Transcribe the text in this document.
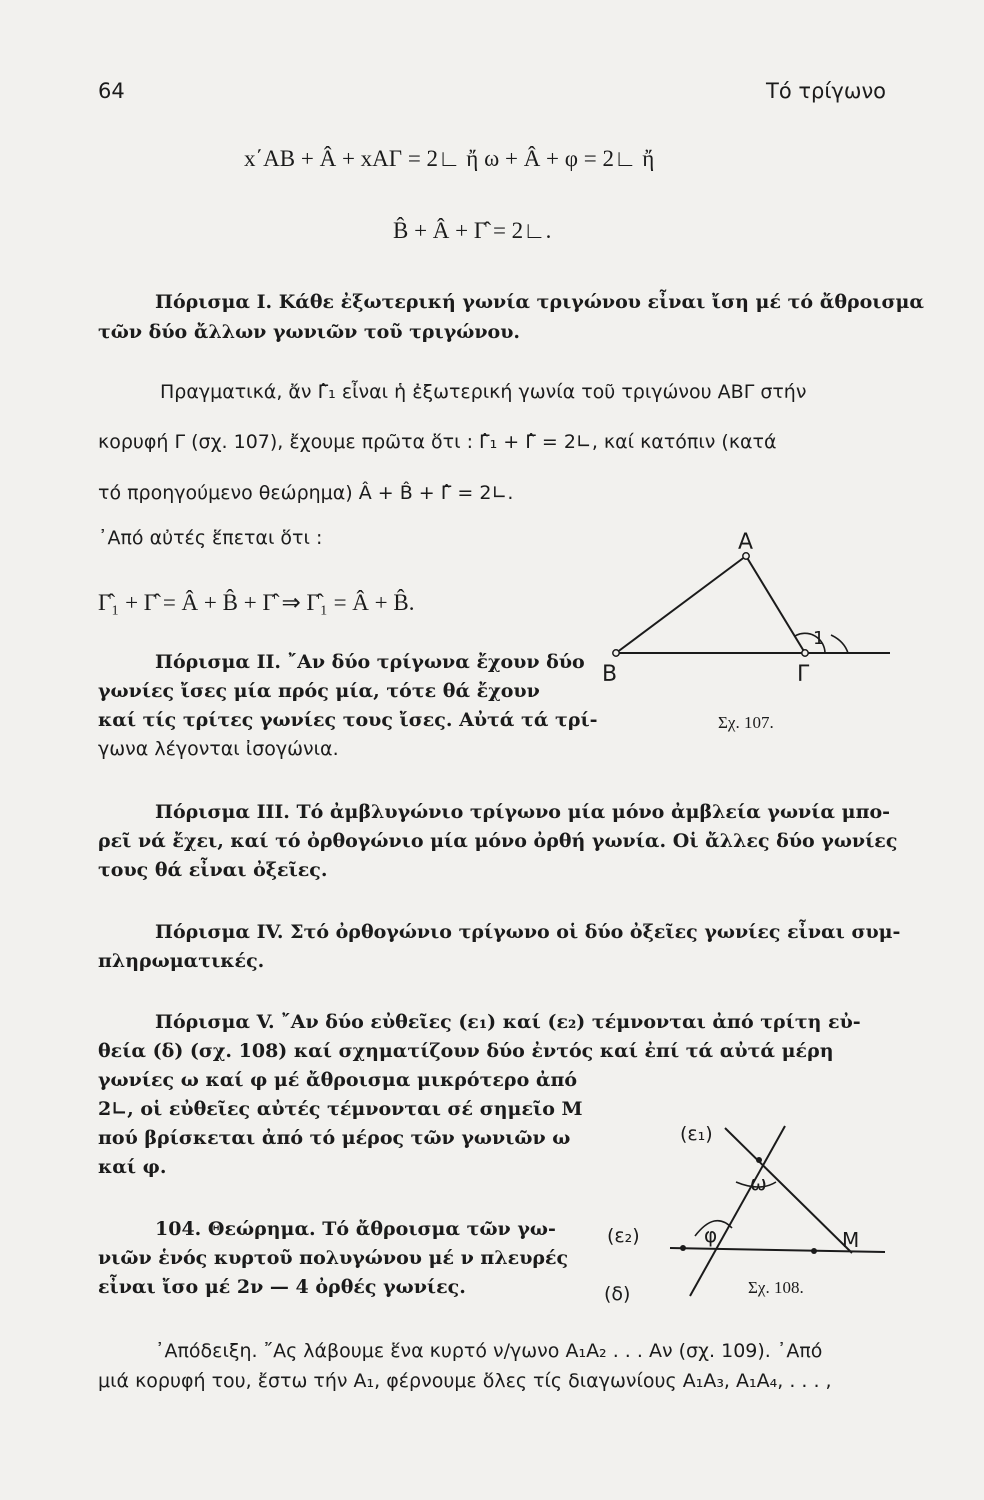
64	Τό τρίγωνο
x΄AB + Â + xAΓ = 2∟ ἤ ω + Â + φ = 2∟ ἤ
B̂ + Â + Γ̂ = 2∟.
Πόρισμα I. Κάθε ἐξωτερική γωνία τριγώνου εἶναι ἴση μέ τό ἄθροισμα
τῶν δύο ἄλλων γωνιῶν τοῦ τριγώνου.
Πραγματικά, ἄν Γ̂₁ εἶναι ἡ ἐξωτερική γωνία τοῦ τριγώνου ΑΒΓ στήν
κορυφή Γ (σχ. 107), ἔχουμε πρῶτα ὅτι : Γ̂₁ + Γ̂ = 2∟, καί κατόπιν (κατά
τό προηγούμενο θεώρημα) Â + B̂ + Γ̂ = 2∟.
᾿Από αὐτές ἕπεται ὅτι :
Γ̂₁ + Γ̂ = Â + B̂ + Γ̂ ⇒ Γ̂₁ = Â + B̂.
Πόρισμα II. ῎Αν δύο τρίγωνα ἔχουν δύο
γωνίες ἴσες μία πρός μία, τότε θά ἔχουν
καί τίς τρίτες γωνίες τους ἴσες. Αὐτά τά τρί-
γωνα λέγονται ἰσογώνια.
Α
Β	Γ
1
Σχ. 107.
Πόρισμα III. Τό ἀμβλυγώνιο τρίγωνο μία μόνο ἀμβλεία γωνία μπο-
ρεῖ νά ἔχει, καί τό ὀρθογώνιο μία μόνο ὀρθή γωνία. Οἱ ἄλλες δύο γωνίες
τους θά εἶναι ὀξεῖες.
Πόρισμα IV. Στό ὀρθογώνιο τρίγωνο οἱ δύο ὀξεῖες γωνίες εἶναι συμ-
πληρωματικές.
Πόρισμα V. ῎Αν δύο εὐθεῖες (ε₁) καί (ε₂) τέμνονται ἀπό τρίτη εὐ-
θεία (δ) (σχ. 108) καί σχηματίζουν δύο ἐντός καί ἐπί τά αὐτά μέρη
γωνίες ω καί φ μέ ἄθροισμα μικρότερο ἀπό
2∟, οἱ εὐθεῖες αὐτές τέμνονται σέ σημεῖο Μ
πού βρίσκεται ἀπό τό μέρος τῶν γωνιῶν ω
καί φ.
104. Θεώρημα. Τό ἄθροισμα τῶν γω-
νιῶν ἑνός κυρτοῦ πολυγώνου μέ ν πλευρές
εἶναι ἴσο μέ 2ν — 4 ὀρθές γωνίες.
(ε₁)
(ε₂)
(δ)
ω
φ	M
Σχ. 108.
᾿Απόδειξη. ῎Ας λάβουμε ἕνα κυρτό ν/γωνο A₁A₂ . . . Aν (σχ. 109). ᾿Από
μιά κορυφή του, ἔστω τήν A₁, φέρνουμε ὅλες τίς διαγωνίους A₁A₃, A₁A₄, . . . ,
